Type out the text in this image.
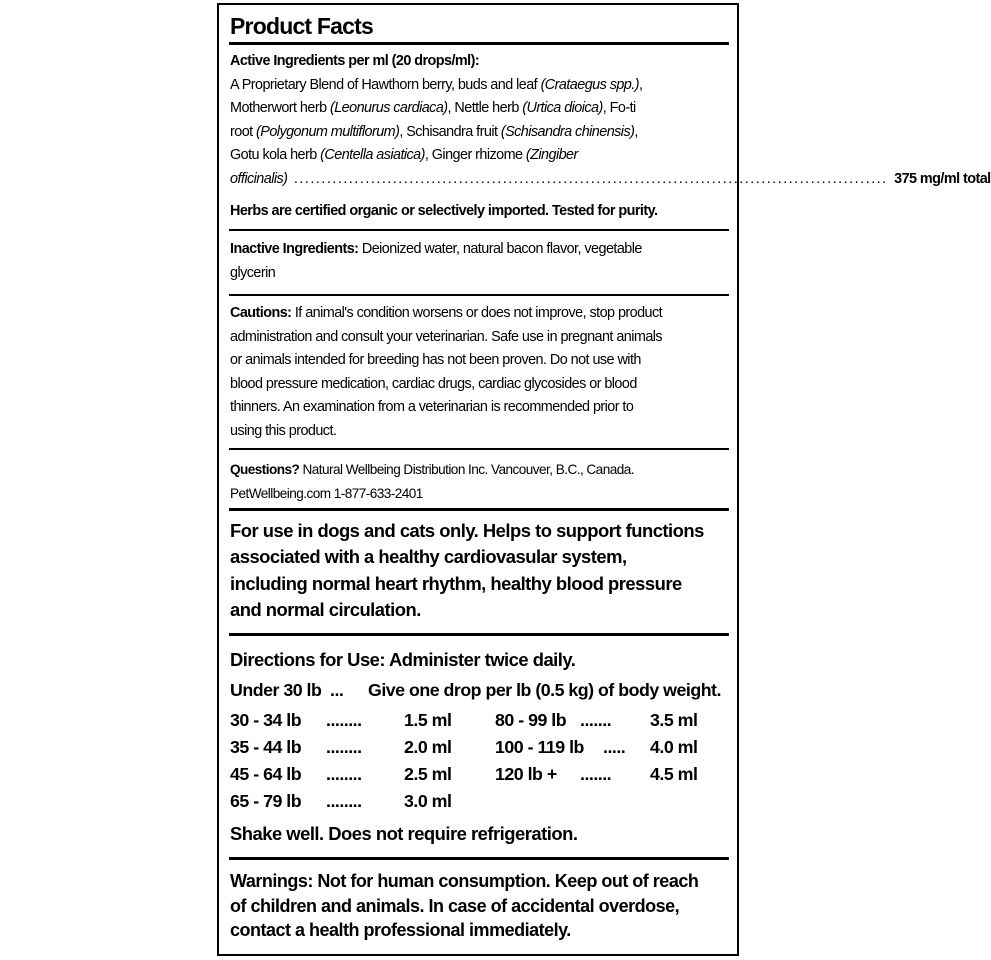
Product Facts
Active Ingredients per ml (20 drops/ml):
A Proprietary Blend of Hawthorn berry, buds and leaf (Crataegus spp.),
Motherwort herb (Leonurus cardiaca), Nettle herb (Urtica dioica), Fo-ti
root (Polygonum multiflorum), Schisandra fruit (Schisandra chinensis),
Gotu kola herb (Centella asiatica), Ginger rhizome (Zingiber
officinalis) ............................................................................................................ 375 mg/ml total
Herbs are certified organic or selectively imported. Tested for purity.
Inactive Ingredients: Deionized water, natural bacon flavor, vegetable
glycerin
Cautions: If animal's condition worsens or does not improve, stop product
administration and consult your veterinarian. Safe use in pregnant animals
or animals intended for breeding has not been proven. Do not use with
blood pressure medication, cardiac drugs, cardiac glycosides or blood
thinners. An examination from a veterinarian is recommended prior to
using this product.
Questions? Natural Wellbeing Distribution Inc. Vancouver, B.C., Canada.
PetWellbeing.com 1-877-633-2401
For use in dogs and cats only. Helps to support functions
associated with a healthy cardiovasular system,
including normal heart rhythm, healthy blood pressure
and normal circulation.
Directions for Use: Administer twice daily.
Under 30 lb ... Give one drop per lb (0.5 kg) of body weight.
Shake well. Does not require refrigeration.
Warnings: Not for human consumption. Keep out of reach
of children and animals. In case of accidental overdose,
contact a health professional immediately.
30 - 34 lb ........ 1.5 ml
35 - 44 lb ........ 2.0 ml
45 - 64 lb ........ 2.5 ml
65 - 79 lb ........ 3.0 ml
80 - 99 lb ....... 3.5 ml
100 - 119 lb ..... 4.0 ml
120 lb + ....... 4.5 ml
